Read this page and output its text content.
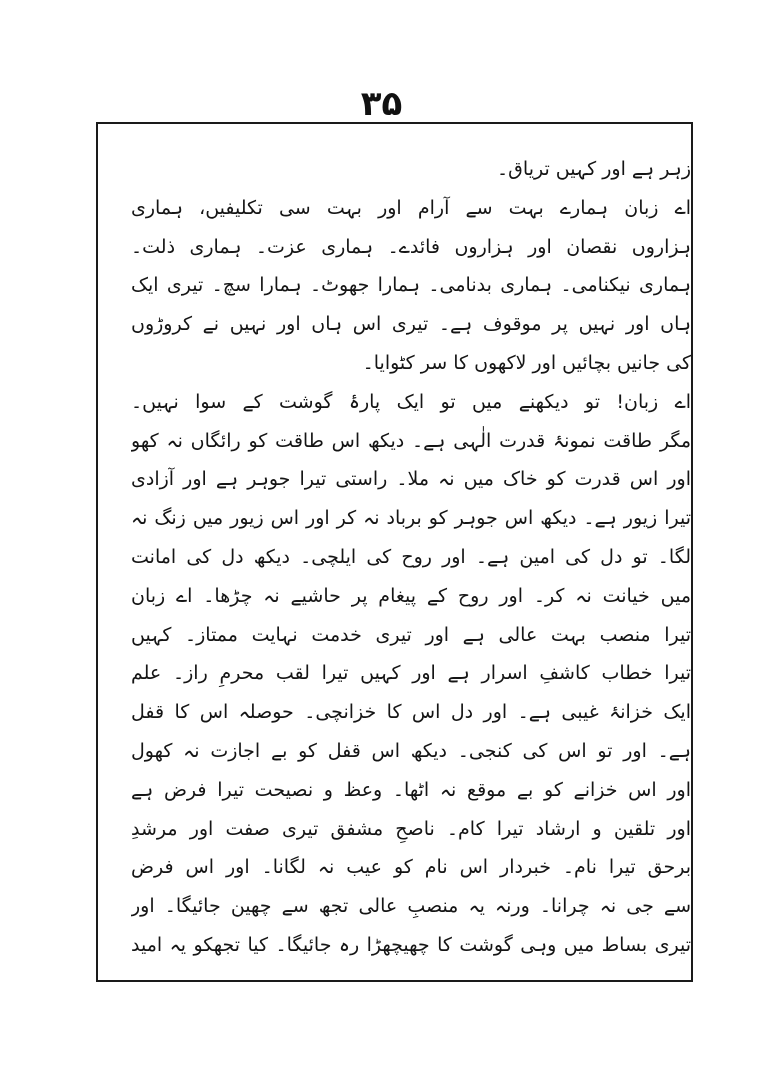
۳۵
زہر ہے اور کہیں تریاق۔
اے زبان ہمارے بہت سے آرام اور بہت سی تکلیفیں، ہماری
ہزاروں نقصان اور ہزاروں فائدے۔ ہماری عزت۔ ہماری ذلت۔
ہماری نیکنامی۔ ہماری بدنامی۔ ہمارا جھوٹ۔ ہمارا سچ۔ تیری ایک
ہاں اور نہیں پر موقوف ہے۔ تیری اس ہاں اور نہیں نے کروڑوں
کی جانیں بچائیں اور لاکھوں کا سر کٹوایا۔
اے زبان! تو دیکھنے میں تو ایک پارۂ گوشت کے سوا نہیں۔
مگر طاقت نمونۂ قدرت الٰہی ہے۔ دیکھ اس طاقت کو رائگاں نہ کھو
اور اس قدرت کو خاک میں نہ ملا۔ راستی تیرا جوہر ہے اور آزادی
تیرا زیور ہے۔ دیکھ اس جوہر کو برباد نہ کر اور اس زیور میں زنگ نہ
لگا۔ تو دل کی امین ہے۔ اور روح کی ایلچی۔ دیکھ دل کی امانت
میں خیانت نہ کر۔ اور روح کے پیغام پر حاشیے نہ چڑھا۔ اے زبان
تیرا منصب بہت عالی ہے اور تیری خدمت نہایت ممتاز۔ کہیں
تیرا خطاب کاشفِ اسرار ہے اور کہیں تیرا لقب محرمِ راز۔ علم
ایک خزانۂ غیبی ہے۔ اور دل اس کا خزانچی۔ حوصلہ اس کا قفل
ہے۔ اور تو اس کی کنجی۔ دیکھ اس قفل کو بے اجازت نہ کھول
اور اس خزانے کو بے موقع نہ اٹھا۔ وعظ و نصیحت تیرا فرض ہے
اور تلقین و ارشاد تیرا کام۔ ناصحِ مشفق تیری صفت اور مرشدِ
برحق تیرا نام۔ خبردار اس نام کو عیب نہ لگانا۔ اور اس فرض
سے جی نہ چرانا۔ ورنہ یہ منصبِ عالی تجھ سے چھین جائیگا۔ اور
تیری بساط میں وہی گوشت کا چھیچھڑا رہ جائیگا۔ کیا تجھکو یہ امید
